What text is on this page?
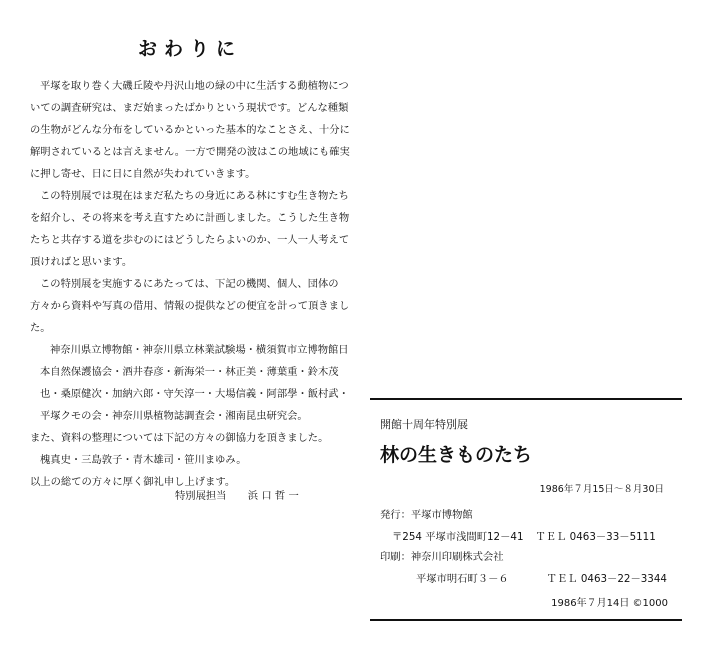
おわりに

平塚を取り巻く大磯丘陵や丹沢山地の緑の中に生活する動植物についての調査研究は、まだ始まったばかりという現状です。どんな種類の生物がどんな分布をしているかといった基本的なことさえ、十分に解明されているとは言えません。一方で開発の波はこの地域にも確実に押し寄せ、日に日に自然が失われていきます。

この特別展では現在はまだ私たちの身近にある林にすむ生き物たちを紹介し、その将来を考え直すために計画しました。こうした生き物たちと共存する道を歩むのにはどうしたらよいのか、一人一人考えて頂ければと思います。

この特別展を実施するにあたっては、下記の機関、個人、団体の方々から資料や写真の借用、情報の提供などの便宜を計って頂きました。

神奈川県立博物館・神奈川県立林業試験場・横須賀市立博物館日本自然保護協会・酒井春彦・新海栄一・林正美・薄葉重・鈴木茂也・桑原健次・加納六郎・守矢淳一・大場信義・阿部學・飯村武・平塚クモの会・神奈川県植物誌調査会・湘南昆虫研究会。

また、資料の整理については下記の方々の御協力を頂きました。

槐真史・三島敦子・青木雄司・笹川まゆみ。

以上の総ての方々に厚く御礼申し上げます。

特別展担当 浜 口 哲 一
開館十周年特別展
林の生きものたち
1986年７月15日～８月30日
発行：平塚市博物館
〒254 平塚市浅間町12－41 ＴＥＬ 0463－33－5111
印刷：神奈川印刷株式会社
平塚市明石町３－６	ＴＥＬ 0463－22－3344
1986年７月14日 ©1000
